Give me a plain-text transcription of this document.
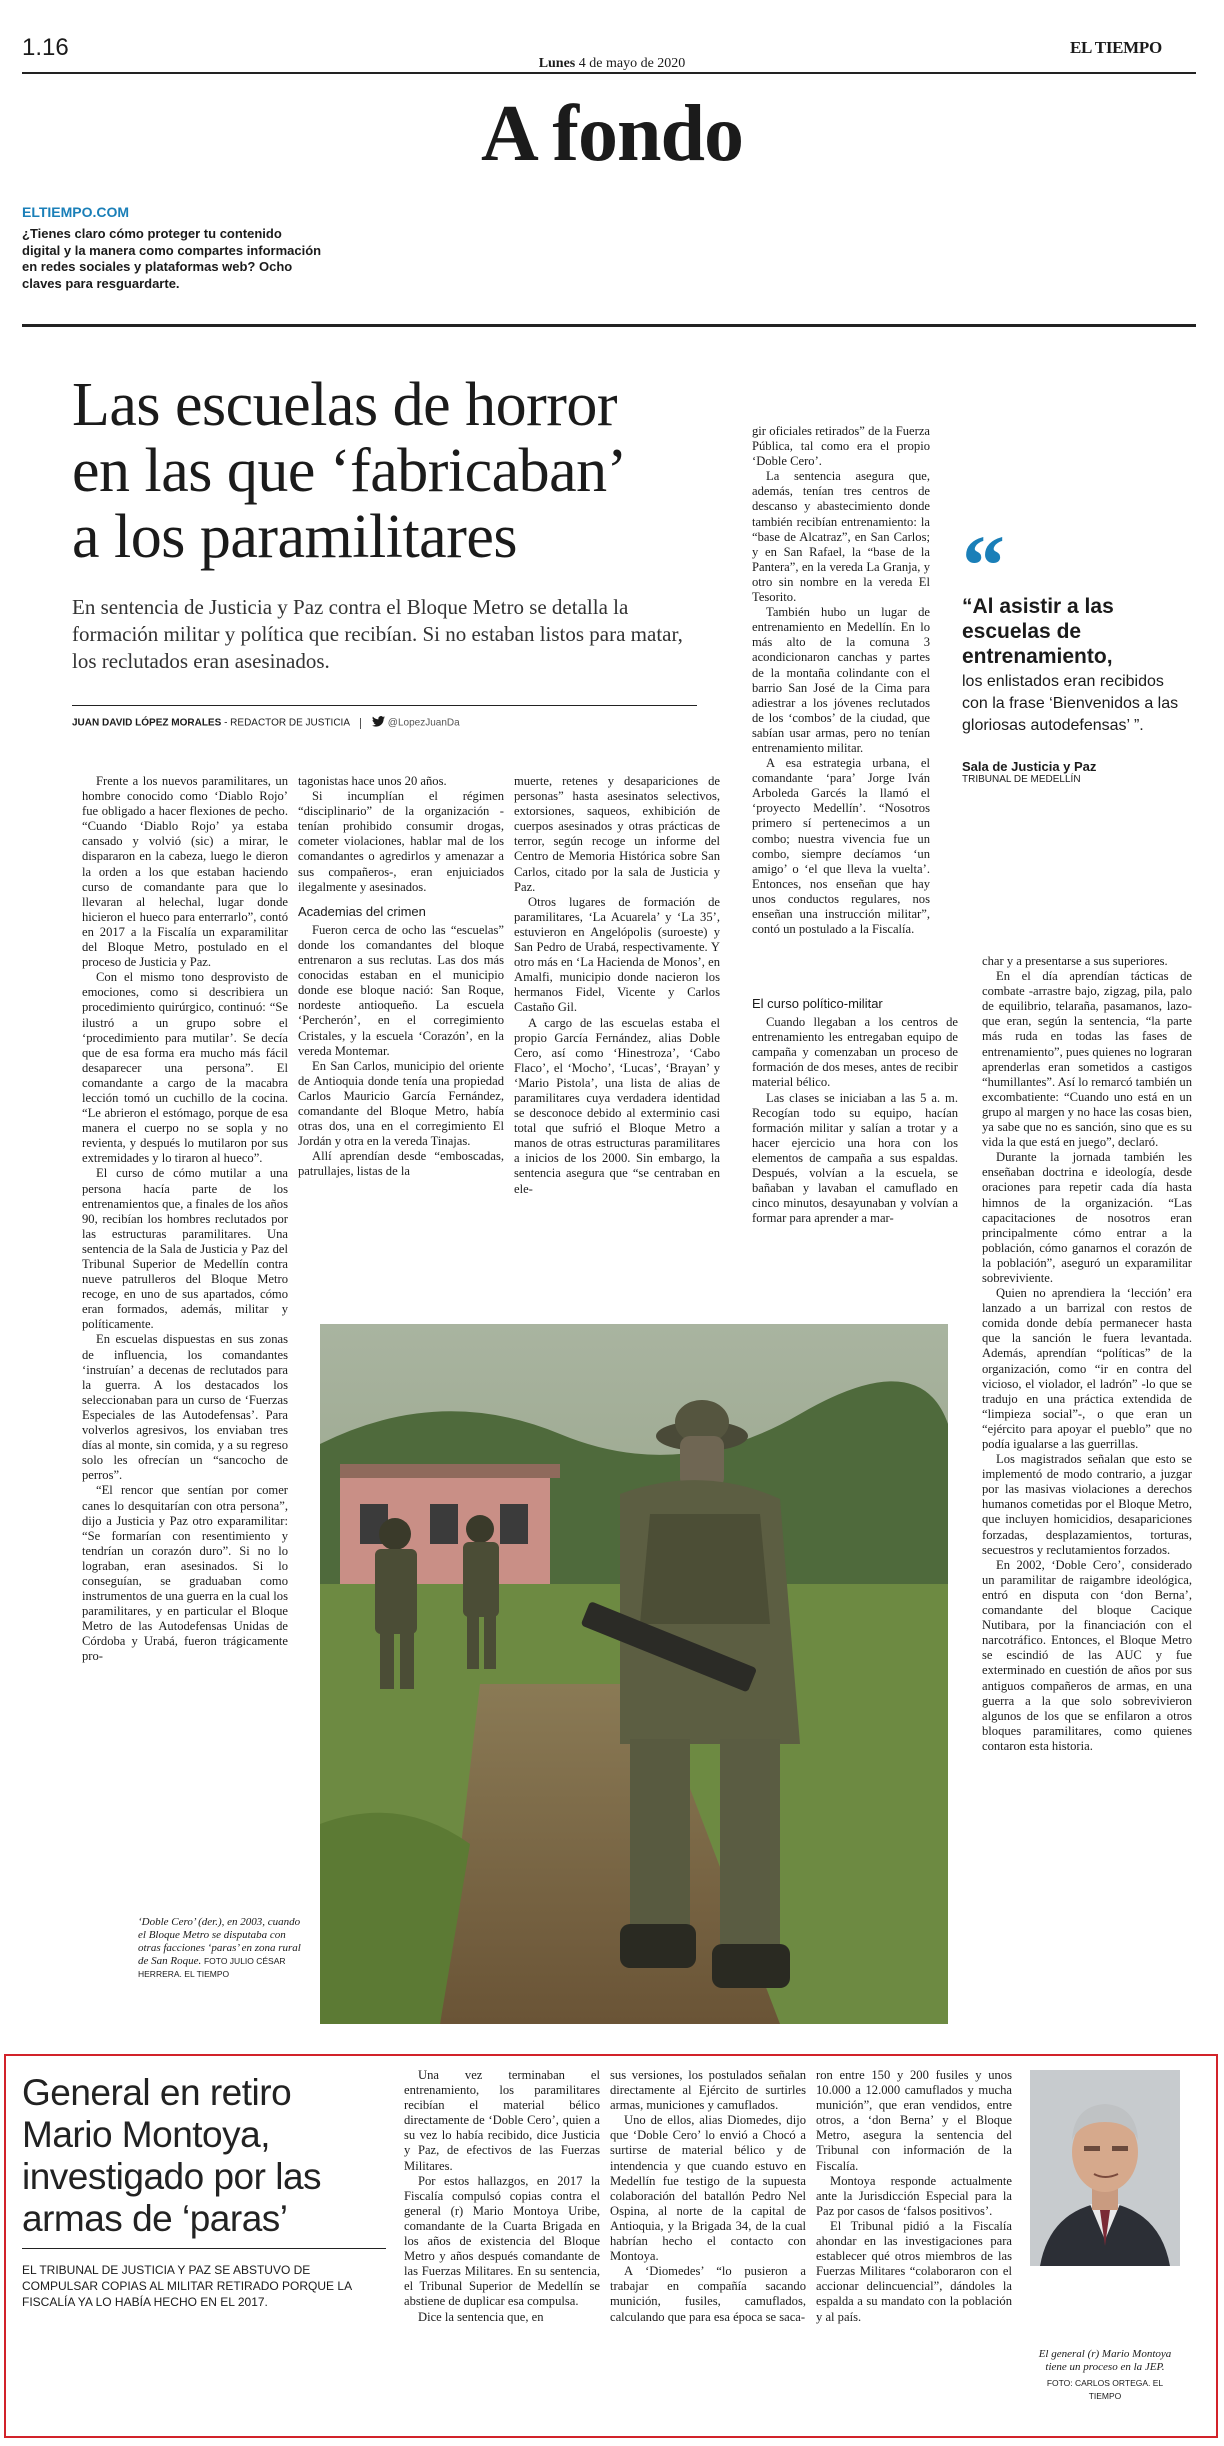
1.16
Lunes 4 de mayo de 2020
EL TIEMPO
A fondo
ELTIEMPO.COM
¿Tienes claro cómo proteger tu contenido digital y la manera como compartes información en redes sociales y plataformas web? Ocho claves para resguardarte.
Las escuelas de horror
en las que ‘fabricaban’
a los paramilitares
En sentencia de Justicia y Paz contra el Bloque Metro se detalla la formación militar y política que recibían. Si no estaban listos para matar, los reclutados eran asesinados.
JUAN DAVID LÓPEZ MORALES - REDACTOR DE JUSTICIA	@LopezJuanDa

gir oficiales retirados” de la Fuerza Pública, tal como era el propio ‘Doble Cero’.

La sentencia asegura que, además, tenían tres centros de descanso y abastecimiento donde también recibían entrenamiento: la “base de Alcatraz”, en San Carlos; y en San Rafael, la “base de la Pantera”, en la vereda La Granja, y otro sin nombre en la vereda El Tesorito.

También hubo un lugar de entrenamiento en Medellín. En lo más alto de la comuna 3 acondicionaron canchas y partes de la montaña colindante con el barrio San José de la Cima para adiestrar a los jóvenes reclutados de los ‘combos’ de la ciudad, que sabían usar armas, pero no tenían entrenamiento militar.

A esa estrategia urbana, el comandante ‘para’ Jorge Iván Arboleda Garcés la llamó el ‘proyecto Medellín’. “Nosotros primero sí pertenecimos a un combo; nuestra vivencia fue un combo, siempre decíamos ‘un amigo’ o ‘el que lleva la vuelta’. Entonces, nos enseñan que hay unos conductos regulares, nos enseñan una instrucción militar”, contó un postulado a la Fiscalía.

“
“Al asistir a las escuelas de entrenamiento,
los enlistados eran recibidos con la frase ‘Bienvenidos a las gloriosas autodefensas’ ”.
Sala de Justicia y Paz
TRIBUNAL DE MEDELLÍN

Frente a los nuevos paramilitares, un hombre conocido como ‘Diablo Rojo’ fue obligado a hacer flexiones de pecho. “Cuando ‘Diablo Rojo’ ya estaba cansado y volvió (sic) a mirar, le dispararon en la cabeza, luego le dieron la orden a los que estaban haciendo curso de comandante para que lo llevaran al helechal, lugar donde hicieron el hueco para enterrarlo”, contó en 2017 a la Fiscalía un exparamilitar del Bloque Metro, postulado en el proceso de Justicia y Paz.

Con el mismo tono desprovisto de emociones, como si describiera un procedimiento quirúrgico, continuó: “Se ilustró a un grupo sobre el ‘procedimiento para mutilar’. Se decía que de esa forma era mucho más fácil desaparecer una persona”. El comandante a cargo de la macabra lección tomó un cuchillo de la cocina. “Le abrieron el estómago, porque de esa manera el cuerpo no se sopla y no revienta, y después lo mutilaron por sus extremidades y lo tiraron al hueco”.

El curso de cómo mutilar a una persona hacía parte de los entrenamientos que, a finales de los años 90, recibían los hombres reclutados por las estructuras paramilitares. Una sentencia de la Sala de Justicia y Paz del Tribunal Superior de Medellín contra nueve patrulleros del Bloque Metro recoge, en uno de sus apartados, cómo eran formados, además, militar y políticamente.

En escuelas dispuestas en sus zonas de influencia, los comandantes ‘instruían’ a decenas de reclutados para la guerra. A los destacados los seleccionaban para un curso de ‘Fuerzas Especiales de las Autodefensas’. Para volverlos agresivos, los enviaban tres días al monte, sin comida, y a su regreso solo les ofrecían un “sancocho de perros”.

“El rencor que sentían por comer canes lo desquitarían con otra persona”, dijo a Justicia y Paz otro exparamilitar: “Se formarían con resentimiento y tendrían un corazón duro”. Si no lo lograban, eran asesinados. Si lo conseguían, se graduaban como instrumentos de una guerra en la cual los paramilitares, y en particular el Bloque Metro de las Autodefensas Unidas de Córdoba y Urabá, fueron trágicamente pro-

tagonistas hace unos 20 años.

Si incumplían el régimen “disciplinario” de la organización -tenían prohibido consumir drogas, cometer violaciones, hablar mal de los comandantes o agredirlos y amenazar a sus compañeros-, eran enjuiciados ilegalmente y asesinados.

Academias del crimen

Fueron cerca de ocho las “escuelas” donde los comandantes del bloque entrenaron a sus reclutas. Las dos más conocidas estaban en el municipio donde ese bloque nació: San Roque, nordeste antioqueño. La escuela ‘Percherón’, en el corregimiento Cristales, y la escuela ‘Corazón’, en la vereda Montemar.

En San Carlos, municipio del oriente de Antioquia donde tenía una propiedad Carlos Mauricio García Fernández, comandante del Bloque Metro, había otras dos, una en el corregimiento El Jordán y otra en la vereda Tinajas.

Allí aprendían desde “emboscadas, patrullajes, listas de la

muerte, retenes y desapariciones de personas” hasta asesinatos selectivos, extorsiones, saqueos, exhibición de cuerpos asesinados y otras prácticas de terror, según recoge un informe del Centro de Memoria Histórica sobre San Carlos, citado por la sala de Justicia y Paz.

Otros lugares de formación de paramilitares, ‘La Acuarela’ y ‘La 35’, estuvieron en Angelópolis (suroeste) y San Pedro de Urabá, respectivamente. Y otro más en ‘La Hacienda de Monos’, en Amalfi, municipio donde nacieron los hermanos Fidel, Vicente y Carlos Castaño Gil.

A cargo de las escuelas estaba el propio García Fernández, alias Doble Cero, así como ‘Hinestroza’, ‘Cabo Flaco’, el ‘Mocho’, ‘Lucas’, ‘Brayan’ y ‘Mario Pistola’, una lista de alias de paramilitares cuya verdadera identidad se desconoce debido al exterminio casi total que sufrió el Bloque Metro a manos de otras estructuras paramilitares a inicios de los 2000. Sin embargo, la sentencia asegura que “se centraban en ele-

El curso político-militar

Cuando llegaban a los centros de entrenamiento les entregaban equipo de campaña y comenzaban un proceso de formación de dos meses, antes de recibir material bélico.

Las clases se iniciaban a las 5 a. m. Recogían todo su equipo, hacían formación militar y salían a trotar y a hacer ejercicio una hora con los elementos de campaña a sus espaldas. Después, volvían a la escuela, se bañaban y lavaban el camuflado en cinco minutos, desayunaban y volvían a formar para aprender a mar-

char y a presentarse a sus superiores.

En el día aprendían tácticas de combate -arrastre bajo, zigzag, pila, palo de equilibrio, telaraña, pasamanos, lazo- que eran, según la sentencia, “la parte más ruda en todas las fases de entrenamiento”, pues quienes no lograran aprenderlas eran sometidos a castigos “humillantes”. Así lo remarcó también un excombatiente: “Cuando uno está en un grupo al margen y no hace las cosas bien, ya sabe que no es sanción, sino que es su vida la que está en juego”, declaró.

Durante la jornada también les enseñaban doctrina e ideología, desde oraciones para repetir cada día hasta himnos de la organización. “Las capacitaciones de nosotros eran principalmente cómo entrar a la población, cómo ganarnos el corazón de la población”, aseguró un exparamilitar sobreviviente.

Quien no aprendiera la ‘lección’ era lanzado a un barrizal con restos de comida donde debía permanecer hasta que la sanción le fuera levantada. Además, aprendían “políticas” de la organización, como “ir en contra del vicioso, el violador, el ladrón” -lo que se tradujo en una práctica extendida de “limpieza social”-, o que eran un “ejército para apoyar el pueblo” que no podía igualarse a las guerrillas.

Los magistrados señalan que esto se implementó de modo contrario, a juzgar por las masivas violaciones a derechos humanos cometidas por el Bloque Metro, que incluyen homicidios, desapariciones forzadas, desplazamientos, torturas, secuestros y reclutamientos forzados.

En 2002, ‘Doble Cero’, considerado un paramilitar de raigambre ideológica, entró en disputa con ‘don Berna’, comandante del bloque Cacique Nutibara, por la financiación con el narcotráfico. Entonces, el Bloque Metro se escindió de las AUC y fue exterminado en cuestión de años por sus antiguos compañeros de armas, en una guerra a la que solo sobrevivieron algunos de los que se enfilaron a otros bloques paramilitares, como quienes contaron esta historia.

‘Doble Cero’ (der.), en 2003, cuando el Bloque Metro se disputaba con otras facciones ‘paras’ en zona rural de San Roque. FOTO JULIO CÉSAR HERRERA. EL TIEMPO
General en retiro Mario Montoya, investigado por las armas de ‘paras’
EL TRIBUNAL DE JUSTICIA Y PAZ SE ABSTUVO DE COMPULSAR COPIAS AL MILITAR RETIRADO PORQUE LA FISCALÍA YA LO HABÍA HECHO EN EL 2017.

Una vez terminaban el entrenamiento, los paramilitares recibían el material bélico directamente de ‘Doble Cero’, quien a su vez lo había recibido, dice Justicia y Paz, de efectivos de las Fuerzas Militares.

Por estos hallazgos, en 2017 la Fiscalía compulsó copias contra el general (r) Mario Montoya Uribe, comandante de la Cuarta Brigada en los años de existencia del Bloque Metro y años después comandante de las Fuerzas Militares. En su sentencia, el Tribunal Superior de Medellín se abstiene de duplicar esa compulsa.

Dice la sentencia que, en

sus versiones, los postulados señalan directamente al Ejército de surtirles armas, municiones y camuflados.

Uno de ellos, alias Diomedes, dijo que ‘Doble Cero’ lo envió a Chocó a surtirse de material bélico y de intendencia y que cuando estuvo en Medellín fue testigo de la supuesta colaboración del batallón Pedro Nel Ospina, al norte de la capital de Antioquia, y la Brigada 34, de la cual habrían hecho el contacto con Montoya.

A ‘Diomedes’ “lo pusieron a trabajar en compañía sacando munición, fusiles, camuflados, calculando que para esa época se saca-

ron entre 150 y 200 fusiles y unos 10.000 a 12.000 camuflados y mucha munición”, que eran vendidos, entre otros, a ‘don Berna’ y el Bloque Metro, asegura la sentencia del Tribunal con información de la Fiscalía.

Montoya responde actualmente ante la Jurisdicción Especial para la Paz por casos de ‘falsos positivos’.

El Tribunal pidió a la Fiscalía ahondar en las investigaciones para establecer qué otros miembros de las Fuerzas Militares “colaboraron con el accionar delincuencial”, dándoles la espalda a su mandato con la población y al país.

El general (r) Mario Montoya tiene un proceso en la JEP.
FOTO: CARLOS ORTEGA. EL TIEMPO
